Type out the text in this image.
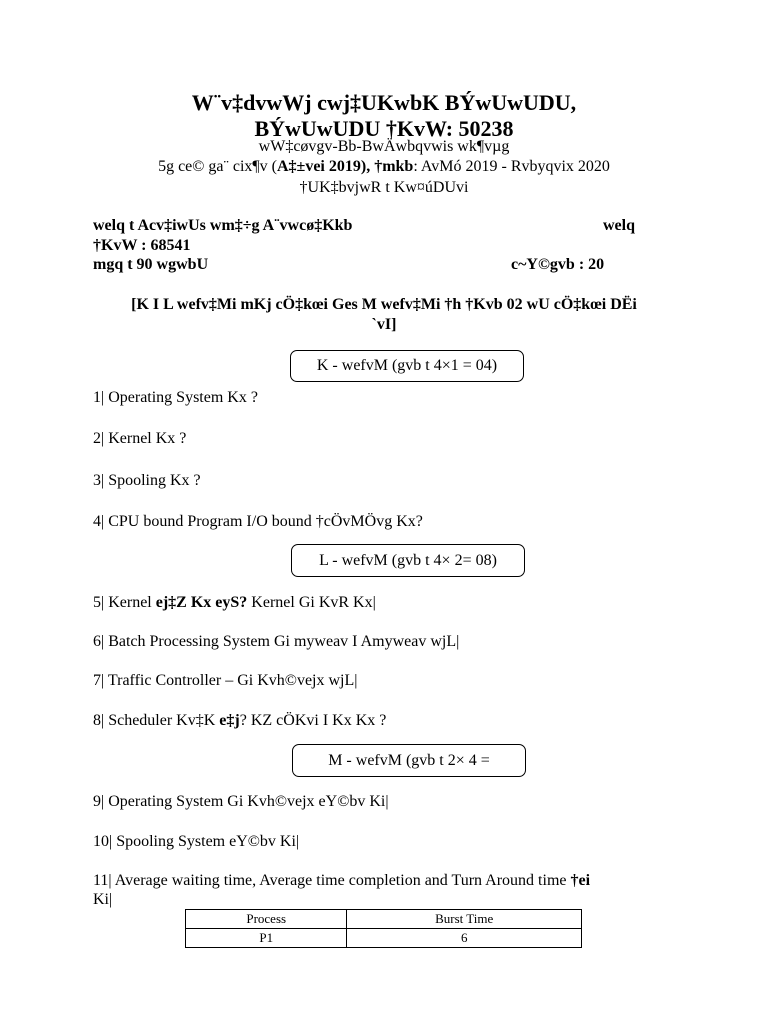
W¨v‡dvwWj cwj‡UKwbK BÝwUwUDU,
BÝwUwUDU †KvW: 50238
wW‡cøvgv-Bb-BwÄwbqvwis wk¶vµg
5g ce© ga¨ cix¶v (A‡±vei 2019), †mkb: AvMó 2019 - Rvbyqvix 2020
†UK‡bvjwR t Kw¤úDUvi
welq t Acv‡iwUs wm‡÷g A¨vwcø‡Kkb	welq
†KvW : 68541
mgq t 90 wgwbU	c~Y©gvb : 20
[K I L wefv‡Mi mKj cÖ‡kœi Ges M wefv‡Mi †h †Kvb 02 wU cÖ‡kœi DËi
`vI]
K - wefvM (gvb t 4×1 = 04)
1| Operating System Kx ?
2| Kernel Kx ?
3| Spooling Kx ?
4| CPU bound Program I/O bound †cÖvMÖvg Kx?
L - wefvM (gvb t 4× 2= 08)
5| Kernel ej‡Z Kx eyS? Kernel Gi KvR Kx|
6| Batch Processing System Gi myweav I Amyweav wjL|
7| Traffic Controller – Gi Kvh©vejx wjL|
8| Scheduler Kv‡K e‡j? KZ cÖKvi I Kx Kx ?
M - wefvM (gvb t 2× 4 =
9| Operating System Gi Kvh©vejx eY©bv Ki|
10| Spooling System eY©bv Ki|
11| Average waiting time, Average time completion and Turn Around time †ei
Ki|
Process	Burst Time
P1	6
